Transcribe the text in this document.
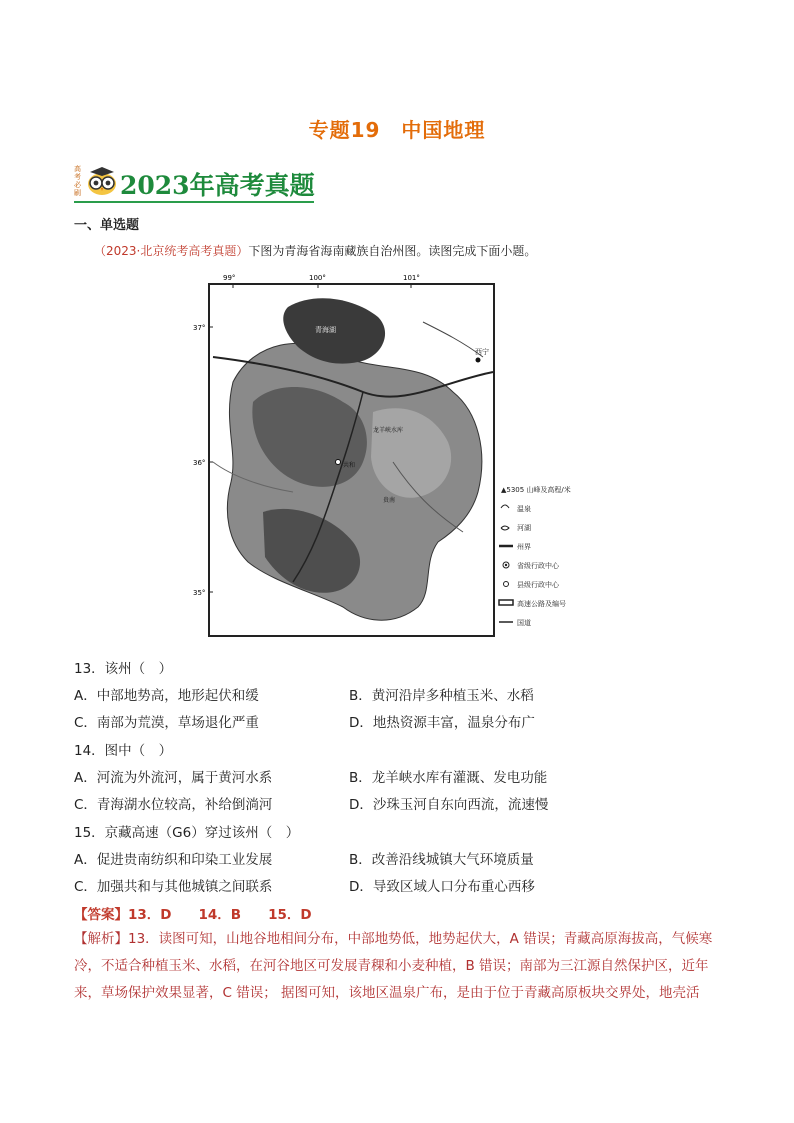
专题19　中国地理
高考必刷 2023年高考真题
一、单选题
（2023·北京统考高考真题）下图为青海省海南藏族自治州图。读图完成下面小题。
99°	100°	101°
37°
36°
35°
青海湖
西宁
龙羊峡水库
共和
贵南
▲5305 山峰及高程/米
温泉
河湖
州界
省级行政中心
县级行政中心
高速公路及编号
国道
13．该州（　）
A．中部地势高，地形起伏和缓	B．黄河沿岸多种植玉米、水稻
C．南部为荒漠，草场退化严重	D．地热资源丰富，温泉分布广
14．图中（　）
A．河流为外流河，属于黄河水系	B．龙羊峡水库有灌溉、发电功能
C．青海湖水位较高，补给倒淌河	D．沙珠玉河自东向西流，流速慢
15．京藏高速（G6）穿过该州（　）
A．促进贵南纺织和印染工业发展	B．改善沿线城镇大气环境质量
C．加强共和与其他城镇之间联系	D．导致区域人口分布重心西移
【答案】13．D　　14．B　　15．D
【解析】13．读图可知，山地谷地相间分布，中部地势低，地势起伏大，A 错误；青藏高原海拔高，气候寒
冷，不适合种植玉米、水稻，在河谷地区可发展青稞和小麦种植，B 错误；南部为三江源自然保护区，近年
来，草场保护效果显著，C 错误； 据图可知，该地区温泉广布，是由于位于青藏高原板块交界处，地壳活
